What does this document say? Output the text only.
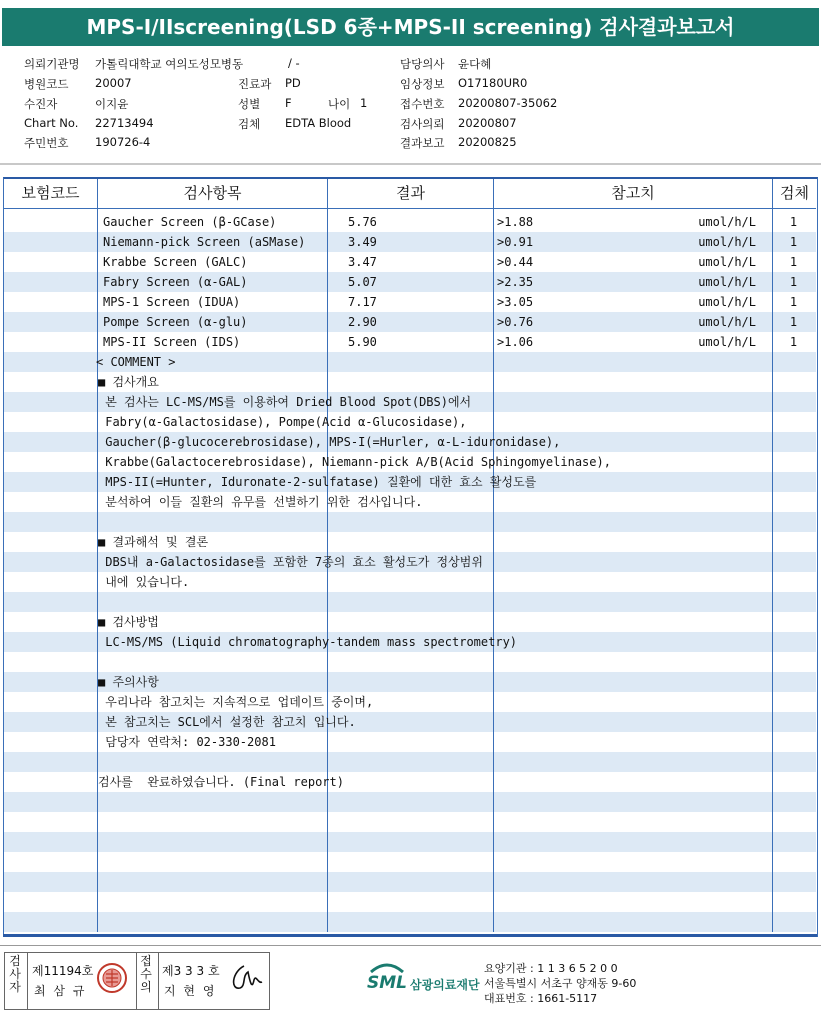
MPS-I/IIscreening(LSD 6종+MPS-II screening) 검사결과보고서
의뢰기관명 가톨릭대학교 여의도성모병동	/ -
병원코드 20007	진료과 PD
수진자	이지윤	성별 F	나이 1
Chart No. 22713494	검체 EDTA Blood
주민번호 190726-4
담당의사 윤다혜
임상정보 O17180UR0
접수번호 20200807-35062
검사의뢰 20200807
결과보고 20200825
보험코드	검사항목	결과	참고치	검체
Gaucher Screen (β-GCase)	5.76	>1.88	umol/h/L	1
Niemann-pick Screen (aSMase)	3.49	>0.91	umol/h/L	1
Krabbe Screen (GALC)	3.47	>0.44	umol/h/L	1
Fabry Screen (α-GAL)	5.07	>2.35	umol/h/L	1
MPS-1 Screen (IDUA)	7.17	>3.05	umol/h/L	1
Pompe Screen (α-glu)	2.90	>0.76	umol/h/L	1
MPS-II Screen (IDS)	5.90	>1.06	umol/h/L	1
< COMMENT >
■ 검사개요
본 검사는 LC-MS/MS를 이용하여 Dried Blood Spot(DBS)에서
Fabry(α-Galactosidase), Pompe(Acid α-Glucosidase),
Gaucher(β-glucocerebrosidase), MPS-I(=Hurler, α-L-iduronidase),
Krabbe(Galactocerebrosidase), Niemann-pick A/B(Acid Sphingomyelinase),
MPS-II(=Hunter, Iduronate-2-sulfatase) 질환에 대한 효소 활성도를
분석하여 이들 질환의 유무를 선별하기 위한 검사입니다.
■ 결과해석 및 결론
DBS내 a-Galactosidase를 포함한 7종의 효소 활성도가 정상범위
내에 있습니다.
■ 검사방법
LC-MS/MS (Liquid chromatography-tandem mass spectrometry)
■ 주의사항
우리나라 참고치는 지속적으로 업데이트 중이며,
본 참고치는 SCL에서 설정한 참고치 입니다.
담당자 연락처: 02-330-2081
검사를  완료하였습니다. (Final report)
검사자
제11194호
최 삼 규
접수의
제3 3 3 호
지 현 영	SML 삼광의료재단
요양기관 : 1 1 3 6 5 2 0 0
서울특별시 서초구 양재동 9-60
대표번호 : 1661-5117
